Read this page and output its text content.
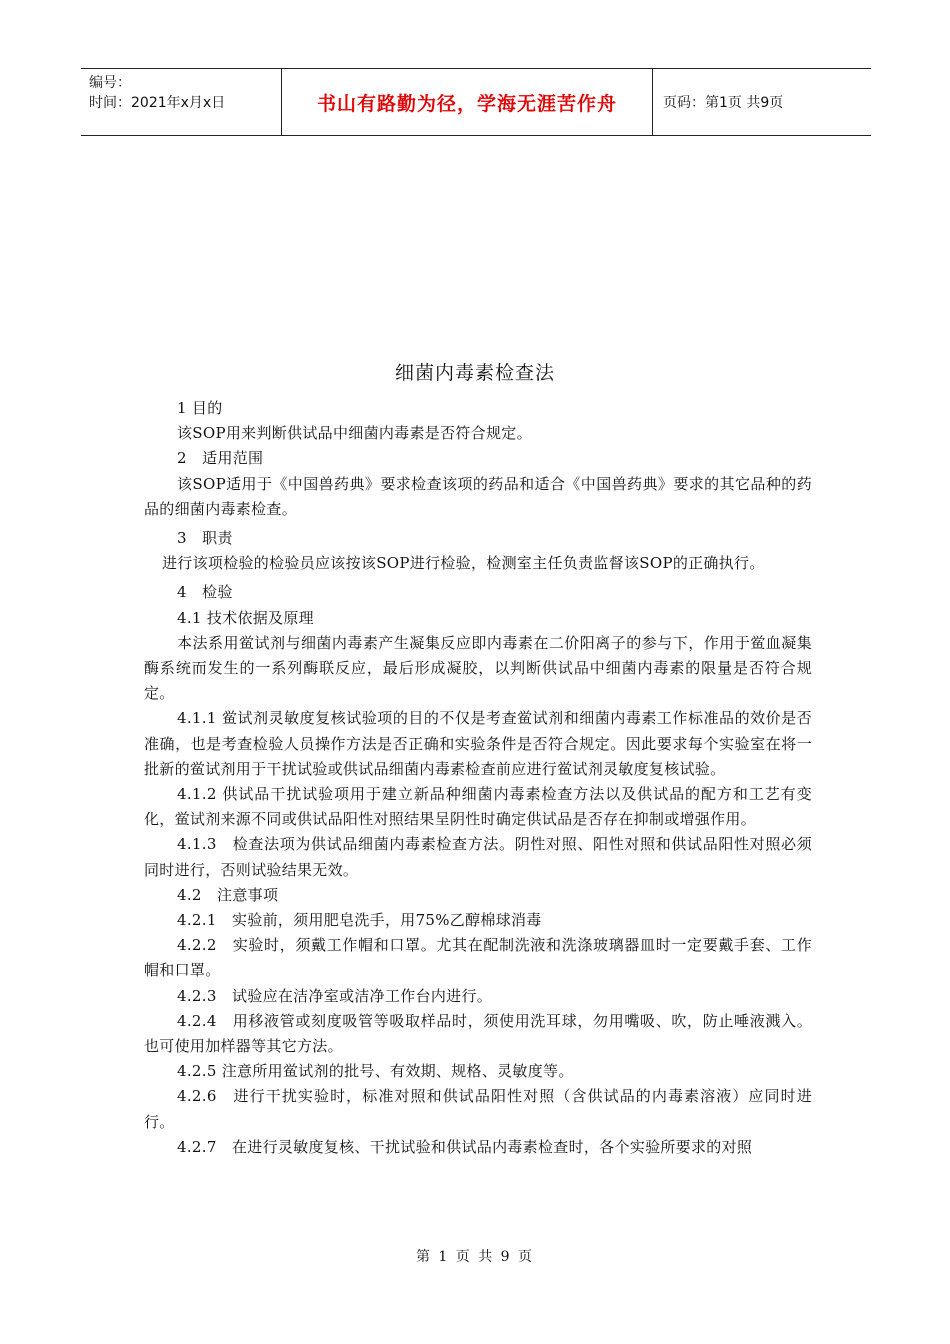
编号：
时间：2021年x月x日	书山有路勤为径，学海无涯苦作舟	页码：第1页 共9页
细菌内毒素检查法

1 目的

该SOP用来判断供试品中细菌内毒素是否符合规定。

2　适用范围

该SOP适用于《中国兽药典》要求检查该项的药品和适合《中国兽药典》要求的其它品种的药品的细菌内毒素检查。

3　职责

进行该项检验的检验员应该按该SOP进行检验，检测室主任负责监督该SOP的正确执行。

4　检验

4.1 技术依据及原理

本法系用鲎试剂与细菌内毒素产生凝集反应即内毒素在二价阳离子的参与下，作用于鲎血凝集酶系统而发生的一系列酶联反应，最后形成凝胶，以判断供试品中细菌内毒素的限量是否符合规定。

4.1.1 鲎试剂灵敏度复核试验项的目的不仅是考查鲎试剂和细菌内毒素工作标准品的效价是否准确，也是考查检验人员操作方法是否正确和实验条件是否符合规定。因此要求每个实验室在将一批新的鲎试剂用于干扰试验或供试品细菌内毒素检查前应进行鲎试剂灵敏度复核试验。

4.1.2 供试品干扰试验项用于建立新品种细菌内毒素检查方法以及供试品的配方和工艺有变化，鲎试剂来源不同或供试品阳性对照结果呈阴性时确定供试品是否存在抑制或增强作用。

4.1.3　检查法项为供试品细菌内毒素检查方法。阴性对照、阳性对照和供试品阳性对照必须同时进行，否则试验结果无效。

4.2　注意事项

4.2.1　实验前，须用肥皂洗手，用75%乙醇棉球消毒

4.2.2　实验时，须戴工作帽和口罩。尤其在配制洗液和洗涤玻璃器皿时一定要戴手套、工作帽和口罩。

4.2.3　试验应在洁净室或洁净工作台内进行。

4.2.4　用移液管或刻度吸管等吸取样品时，须使用洗耳球，勿用嘴吸、吹，防止唾液溅入。也可使用加样器等其它方法。

4.2.5 注意所用鲎试剂的批号、有效期、规格、灵敏度等。

4.2.6　进行干扰实验时，标准对照和供试品阳性对照（含供试品的内毒素溶液）应同时进行。

4.2.7　在进行灵敏度复核、干扰试验和供试品内毒素检查时，各个实验所要求的对照

第 1 页 共 9 页
